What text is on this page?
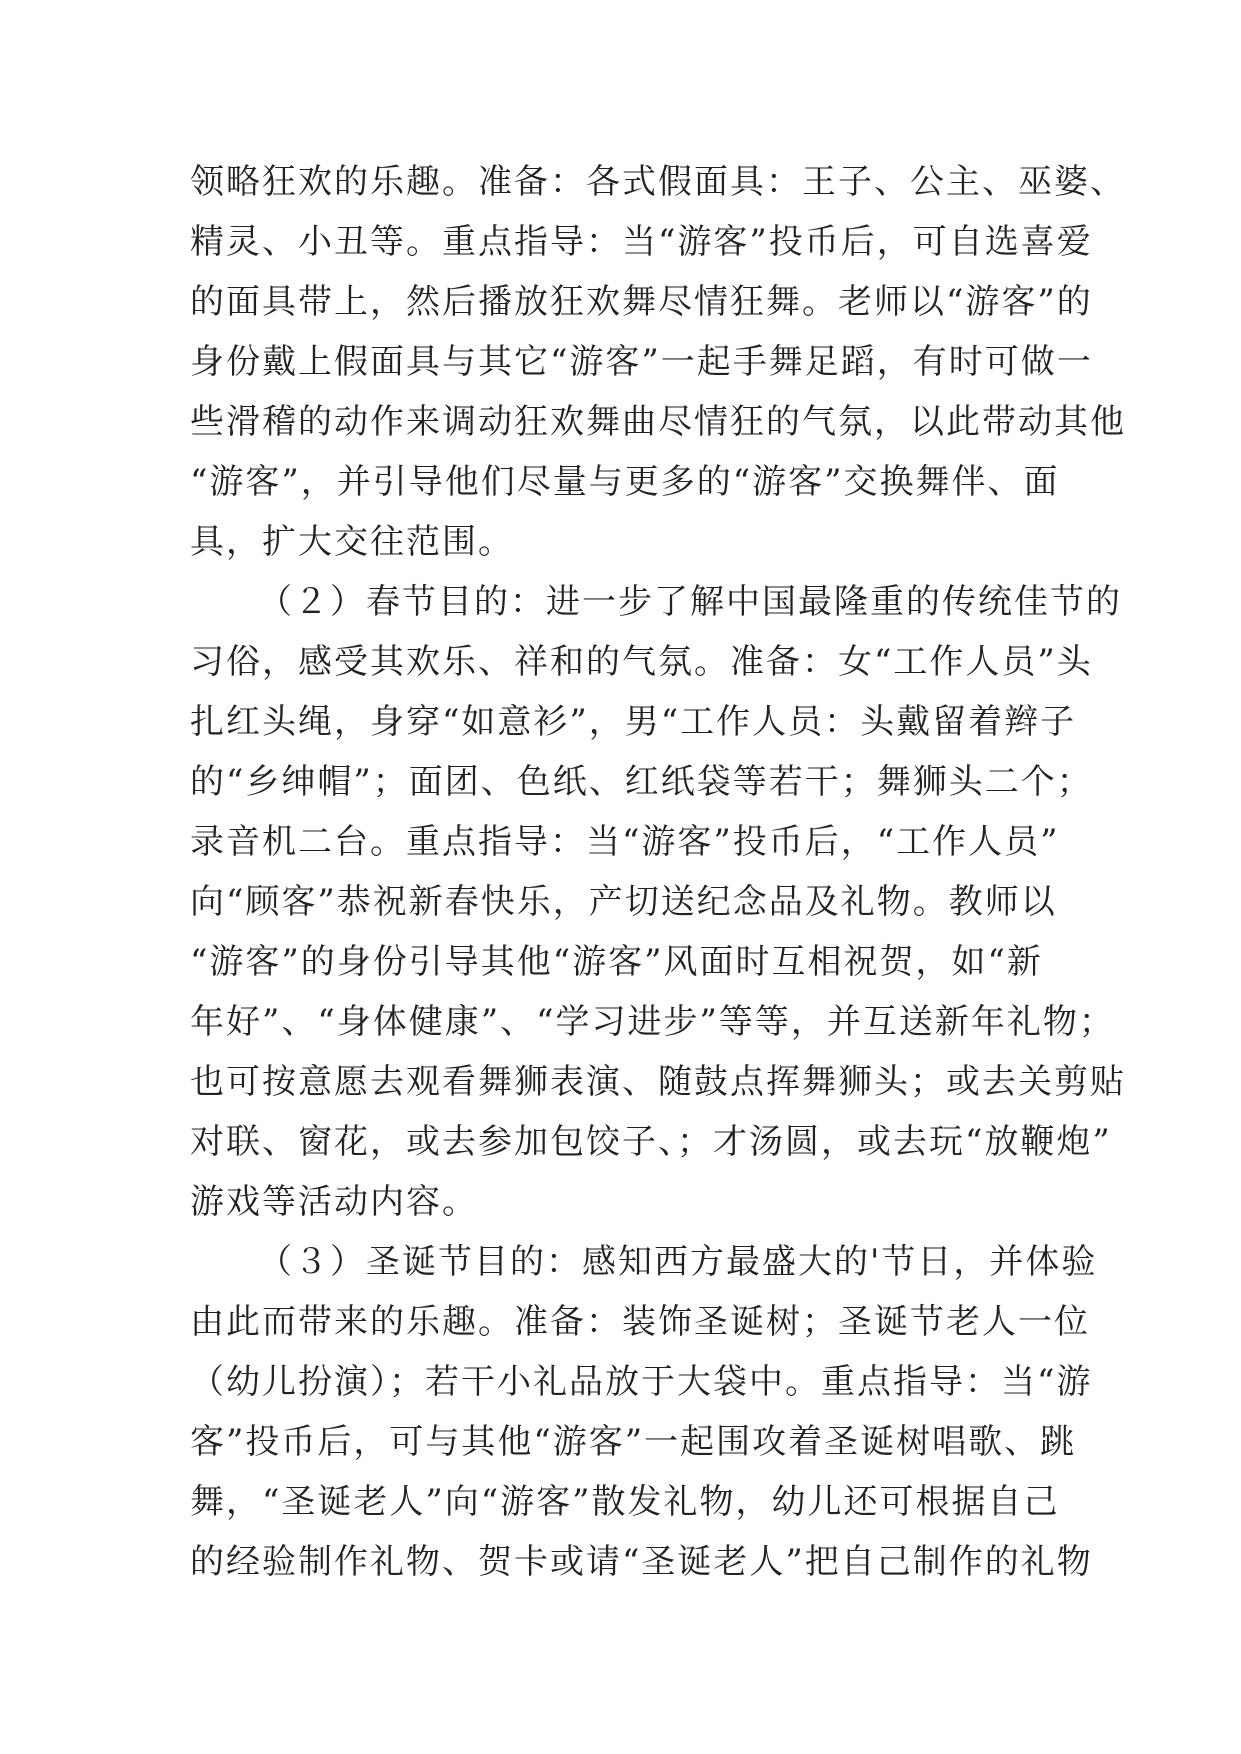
领略狂欢的乐趣。准备：各式假面具：王子、公主、巫婆、
精灵、小丑等。重点指导：当“游客”投币后，可自选喜爱
的面具带上，然后播放狂欢舞尽情狂舞。老师以“游客”的
身份戴上假面具与其它“游客”一起手舞足蹈，有时可做一
些滑稽的动作来调动狂欢舞曲尽情狂的气氛，以此带动其他
“游客”，并引导他们尽量与更多的“游客”交换舞伴、面
具，扩大交往范围。
（２）春节目的：进一步了解中国最隆重的传统佳节的
习俗，感受其欢乐、祥和的气氛。准备：女“工作人员”头
扎红头绳，身穿“如意衫”，男“工作人员：头戴留着辫子
的“乡绅帽”；面团、色纸、红纸袋等若干；舞狮头二个；
录音机二台。重点指导：当“游客”投币后，“工作人员”
向“顾客”恭祝新春快乐，产切送纪念品及礼物。教师以
“游客”的身份引导其他“游客”风面时互相祝贺，如“新
年好”、“身体健康”、“学习进步”等等，并互送新年礼物；
也可按意愿去观看舞狮表演、随鼓点挥舞狮头；或去关剪贴
对联、窗花，或去参加包饺子、；才汤圆，或去玩“放鞭炮”
游戏等活动内容。
（３）圣诞节目的：感知西方最盛大的'节日，并体验
由此而带来的乐趣。准备：装饰圣诞树；圣诞节老人一位
（幼儿扮演）；若干小礼品放于大袋中。重点指导：当“游
客”投币后，可与其他“游客”一起围攻着圣诞树唱歌、跳
舞，“圣诞老人”向“游客”散发礼物，幼儿还可根据自己
的经验制作礼物、贺卡或请“圣诞老人”把自己制作的礼物
